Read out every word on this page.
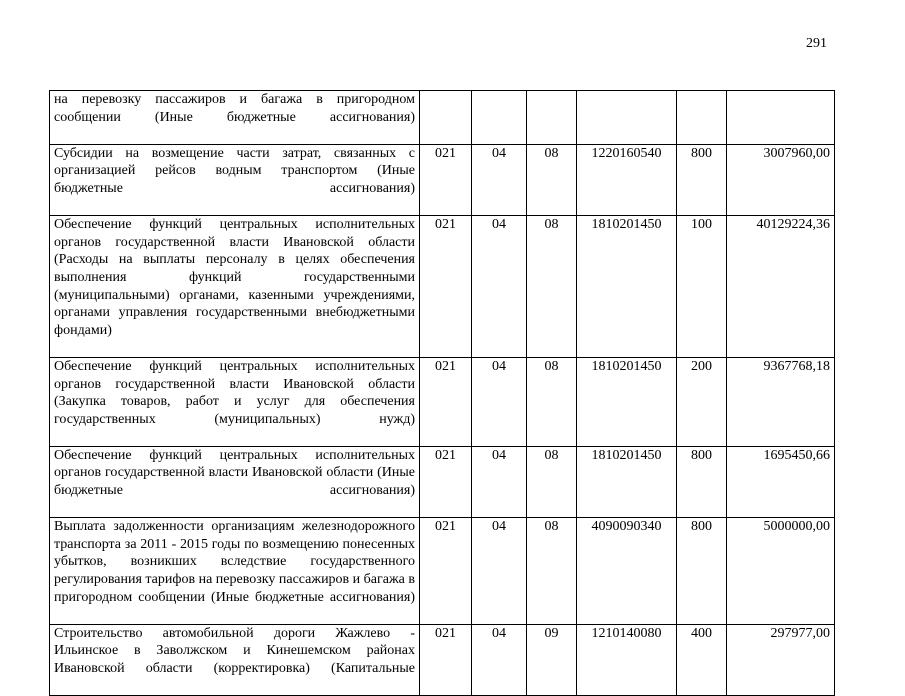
291
на перевозку пассажиров и багажа в пригородном сообщении (Иные бюджетные ассигнования)						

Субсидии на возмещение части затрат, связанных с организацией рейсов водным транспортом (Иные бюджетные ассигнования)	021	04	08	1220160540	800	3007960,00

Обеспечение функций центральных исполнительных органов государственной власти Ивановской области (Расходы на выплаты персоналу в целях обеспечения выполнения функций государственными (муниципальными) органами, казенными учреждениями, органами управления государственными внебюджетными фондами)	021	04	08	1810201450	100	40129224,36

Обеспечение функций центральных исполнительных органов государственной власти Ивановской области (Закупка товаров, работ и услуг для обеспечения государственных (муниципальных) нужд)	021	04	08	1810201450	200	9367768,18

Обеспечение функций центральных исполнительных органов государственной власти Ивановской области (Иные бюджетные ассигнования)	021	04	08	1810201450	800	1695450,66

Выплата задолженности организациям железнодорожного транспорта за 2011 - 2015 годы по возмещению понесенных убытков, возникших вследствие государственного регулирования тарифов на перевозку пассажиров и багажа в пригородном сообщении (Иные бюджетные ассигнования)	021	04	08	4090090340	800	5000000,00

Строительство автомобильной дороги Жажлево - Ильинское в Заволжском и Кинешемском районах Ивановской области (корректировка) (Капитальные	021	04	09	1210140080	400	297977,00
